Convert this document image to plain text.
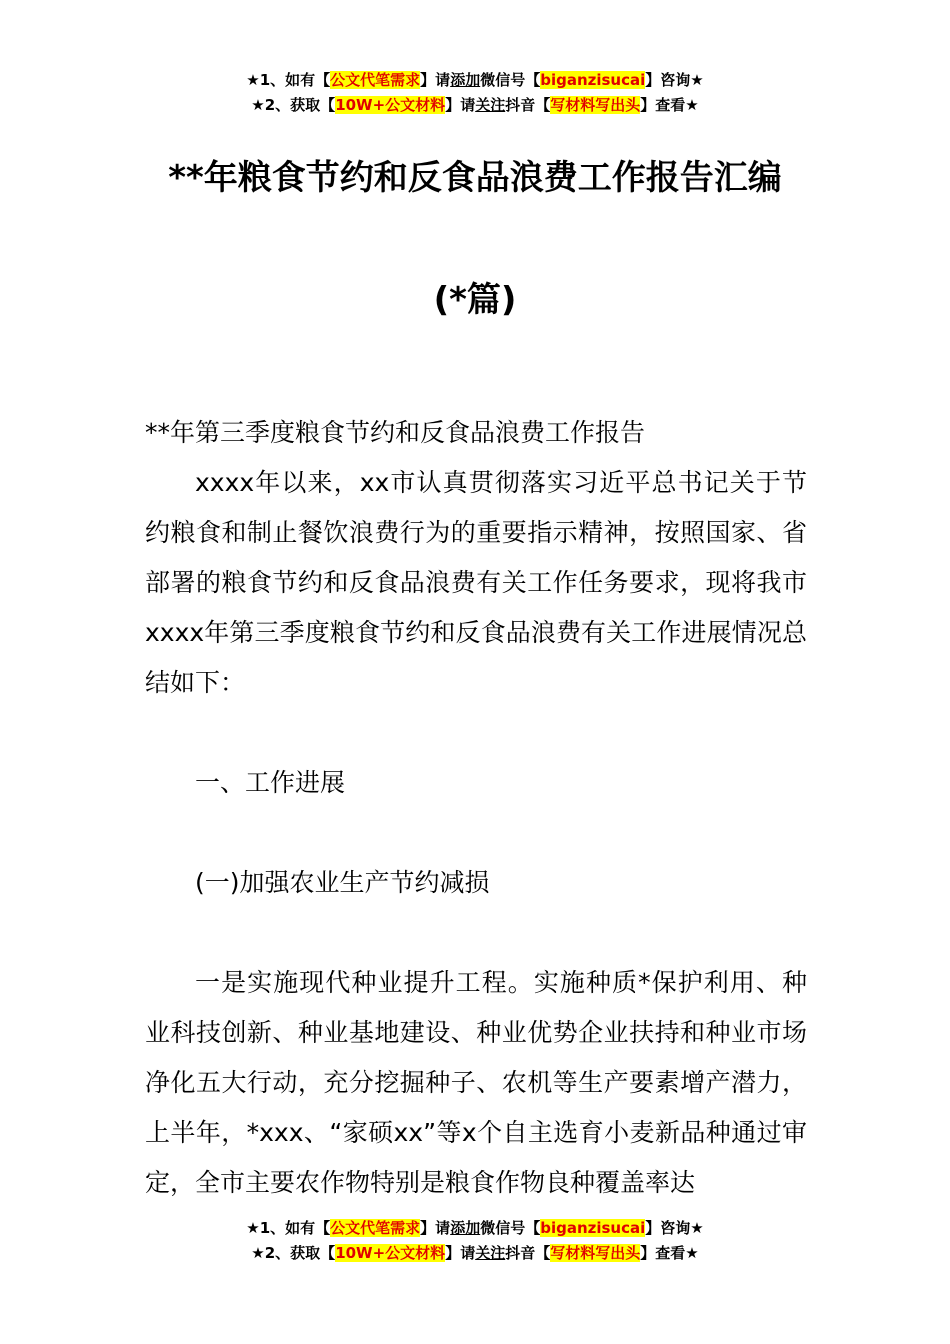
★1、如有【公文代笔需求】请添加微信号【biganzisucai】咨询★
★2、获取【10W+公文材料】请关注抖音【写材料写出头】查看★
**年粮食节约和反食品浪费工作报告汇编
(*篇)

**年第三季度粮食节约和反食品浪费工作报告

xxxx年以来，xx市认真贯彻落实习近平总书记关于节约粮食和制止餐饮浪费行为的重要指示精神，按照国家、省部署的粮食节约和反食品浪费有关工作任务要求，现将我市xxxx年第三季度粮食节约和反食品浪费有关工作进展情况总结如下：

一、工作进展

(一)加强农业生产节约减损

一是实施现代种业提升工程。实施种质*保护利用、种业科技创新、种业基地建设、种业优势企业扶持和种业市场净化五大行动，充分挖掘种子、农机等生产要素增产潜力，上半年，*xxx、“家硕xx”等x个自主选育小麦新品种通过审定，全市主要农作物特别是粮食作物良种覆盖率达

★1、如有【公文代笔需求】请添加微信号【biganzisucai】咨询★
★2、获取【10W+公文材料】请关注抖音【写材料写出头】查看★
